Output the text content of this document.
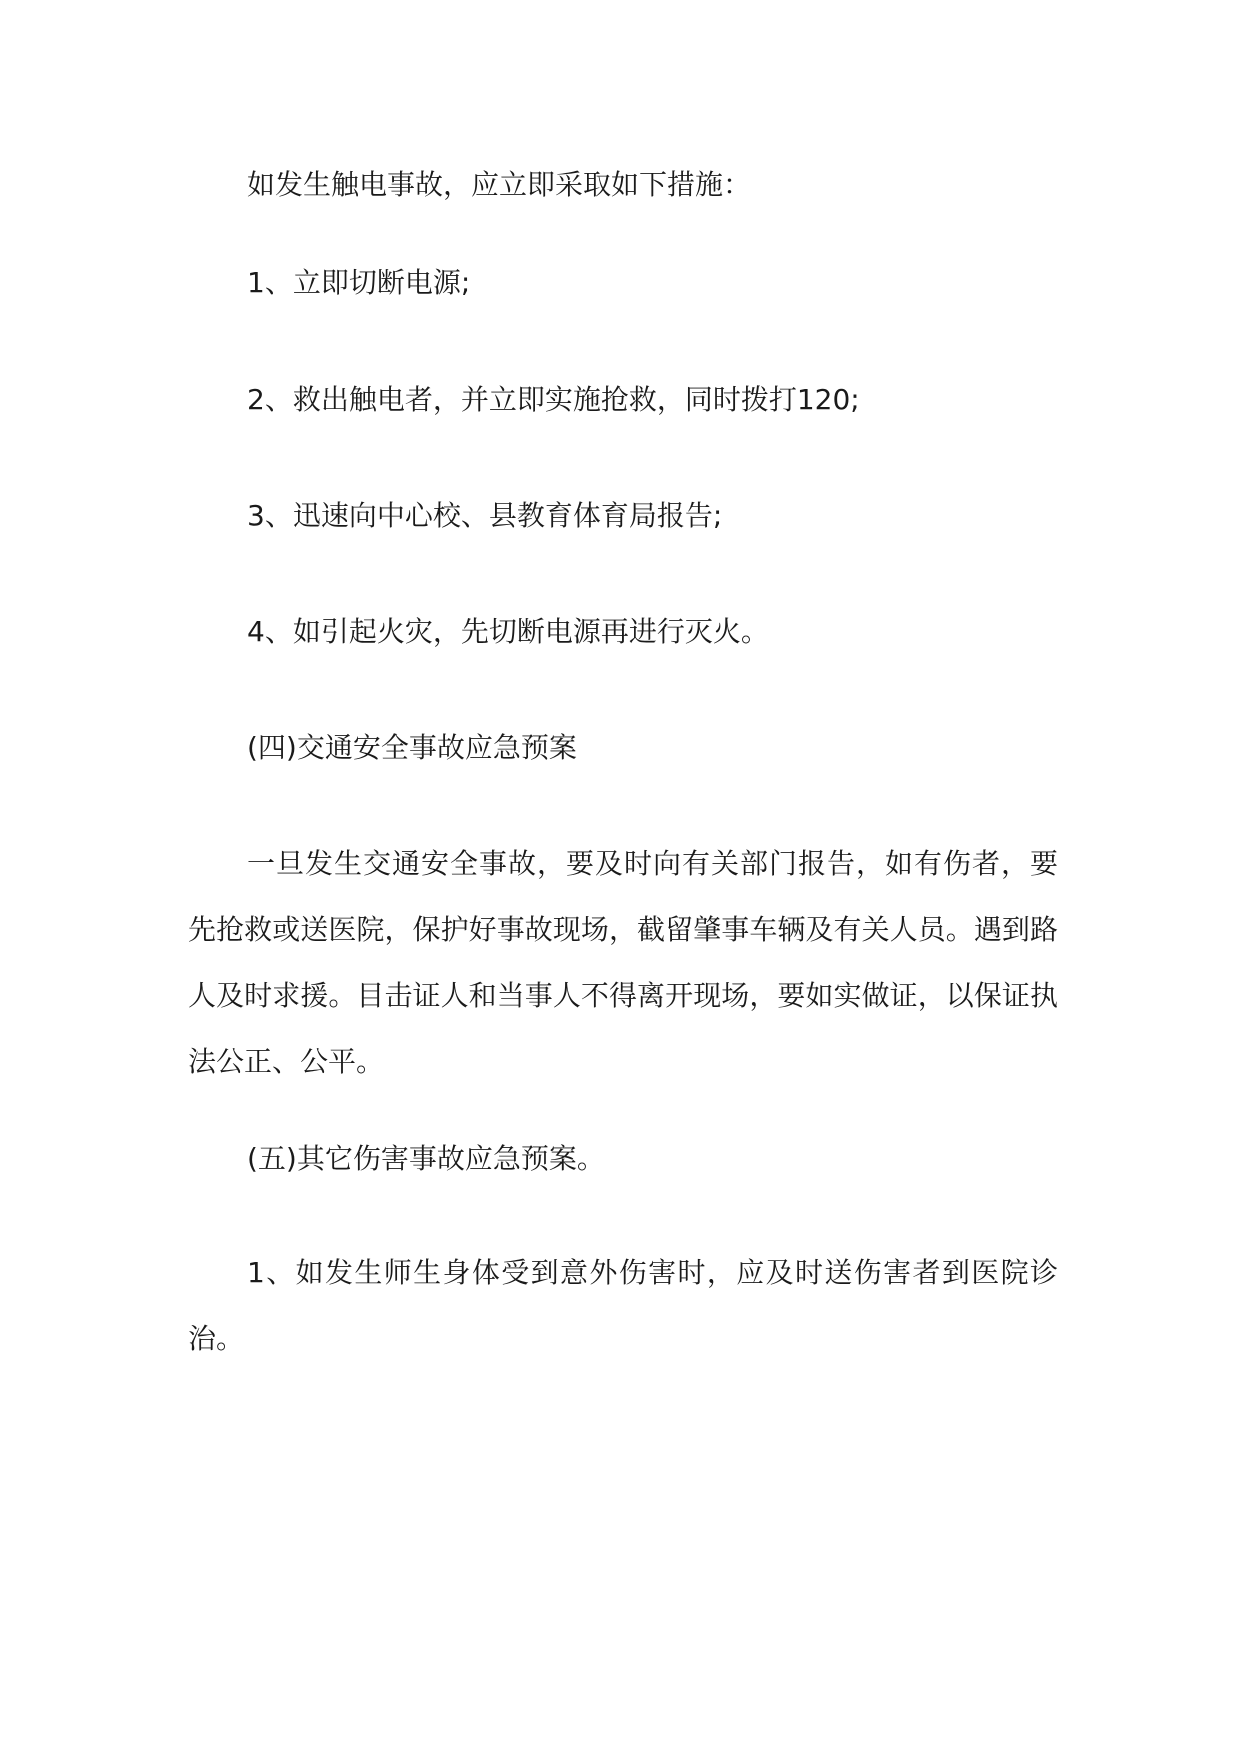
如发生触电事故，应立即采取如下措施：

1、立即切断电源;

2、救出触电者，并立即实施抢救，同时拨打120;

3、迅速向中心校、县教育体育局报告;

4、如引起火灾，先切断电源再进行灭火。

(四)交通安全事故应急预案

一旦发生交通安全事故，要及时向有关部门报告，如有伤者，要先抢救或送医院，保护好事故现场，截留肇事车辆及有关人员。遇到路人及时求援。目击证人和当事人不得离开现场，要如实做证，以保证执法公正、公平。

(五)其它伤害事故应急预案。

1、如发生师生身体受到意外伤害时，应及时送伤害者到医院诊治。
